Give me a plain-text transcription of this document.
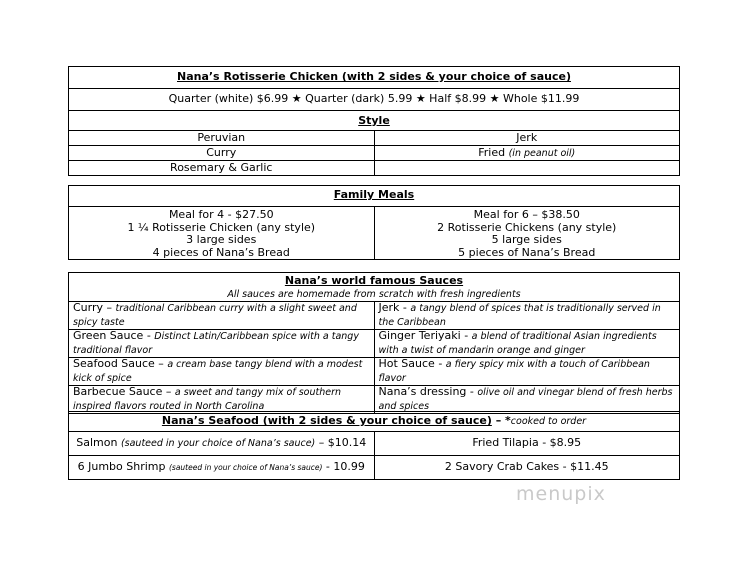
Nana’s Rotisserie Chicken (with 2 sides & your choice of sauce)	
Quarter (white) $6.99 ★ Quarter (dark) 5.99 ★ Half $8.99 ★ Whole $11.99	
Style	
Peruvian	Jerk
Curry	Fried (in peanut oil)
Rosemary & Garlic	
Family Meals

Meal for 4 - $27.50
1 ¼ Rotisserie Chicken (any style)
3 large sides
4 pieces of Nana’s Bread

Meal for 6 – $38.50
2 Rotisserie Chickens (any style)
5 large sides
5 pieces of Nana’s Bread
Nana’s world famous Sauces
All sauces are homemade from scratch with fresh ingredients	
Curry – traditional Caribbean curry with a slight sweet and spicy taste	Jerk - a tangy blend of spices that is traditionally served in the Caribbean
Green Sauce - Distinct Latin/Caribbean spice with a tangy traditional flavor	Ginger Teriyaki - a blend of traditional Asian ingredients with a twist of mandarin orange and ginger
Seafood Sauce – a cream base tangy blend with a modest kick of spice	Hot Sauce - a fiery spicy mix with a touch of Caribbean flavor
Barbecue Sauce – a sweet and tangy mix of southern inspired flavors routed in North Carolina	Nana’s dressing - olive oil and vinegar blend of fresh herbs and spices
Nana’s Seafood (with 2 sides & your choice of sauce) – *cooked to order	
Salmon (sauteed in your choice of Nana’s sauce) – $10.14	Fried Tilapia - $8.95
6 Jumbo Shrimp (sauteed in your choice of Nana’s sauce) - 10.99	2 Savory Crab Cakes - $11.45
menupix
